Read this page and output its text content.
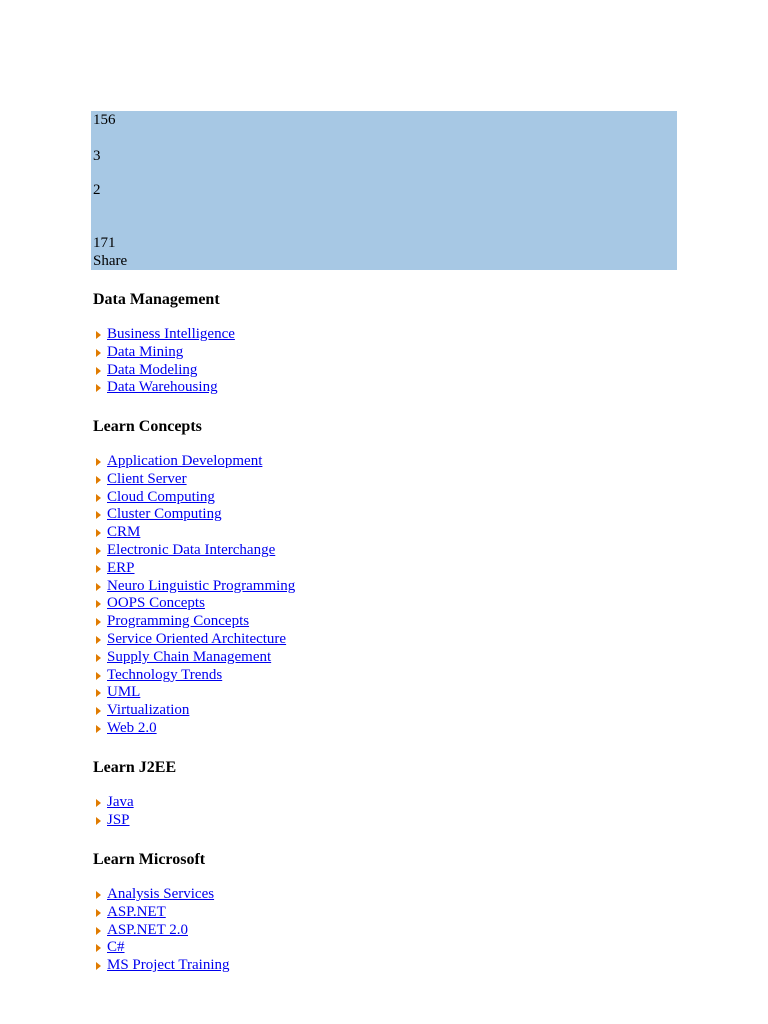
156
3
2
171
Share
Data Management
Business Intelligence
Data Mining
Data Modeling
Data Warehousing
Learn Concepts
Application Development
Client Server
Cloud Computing
Cluster Computing
CRM
Electronic Data Interchange
ERP
Neuro Linguistic Programming
OOPS Concepts
Programming Concepts
Service Oriented Architecture
Supply Chain Management
Technology Trends
UML
Virtualization
Web 2.0
Learn J2EE
Java
JSP
Learn Microsoft
Analysis Services
ASP.NET
ASP.NET 2.0
C#
MS Project Training
